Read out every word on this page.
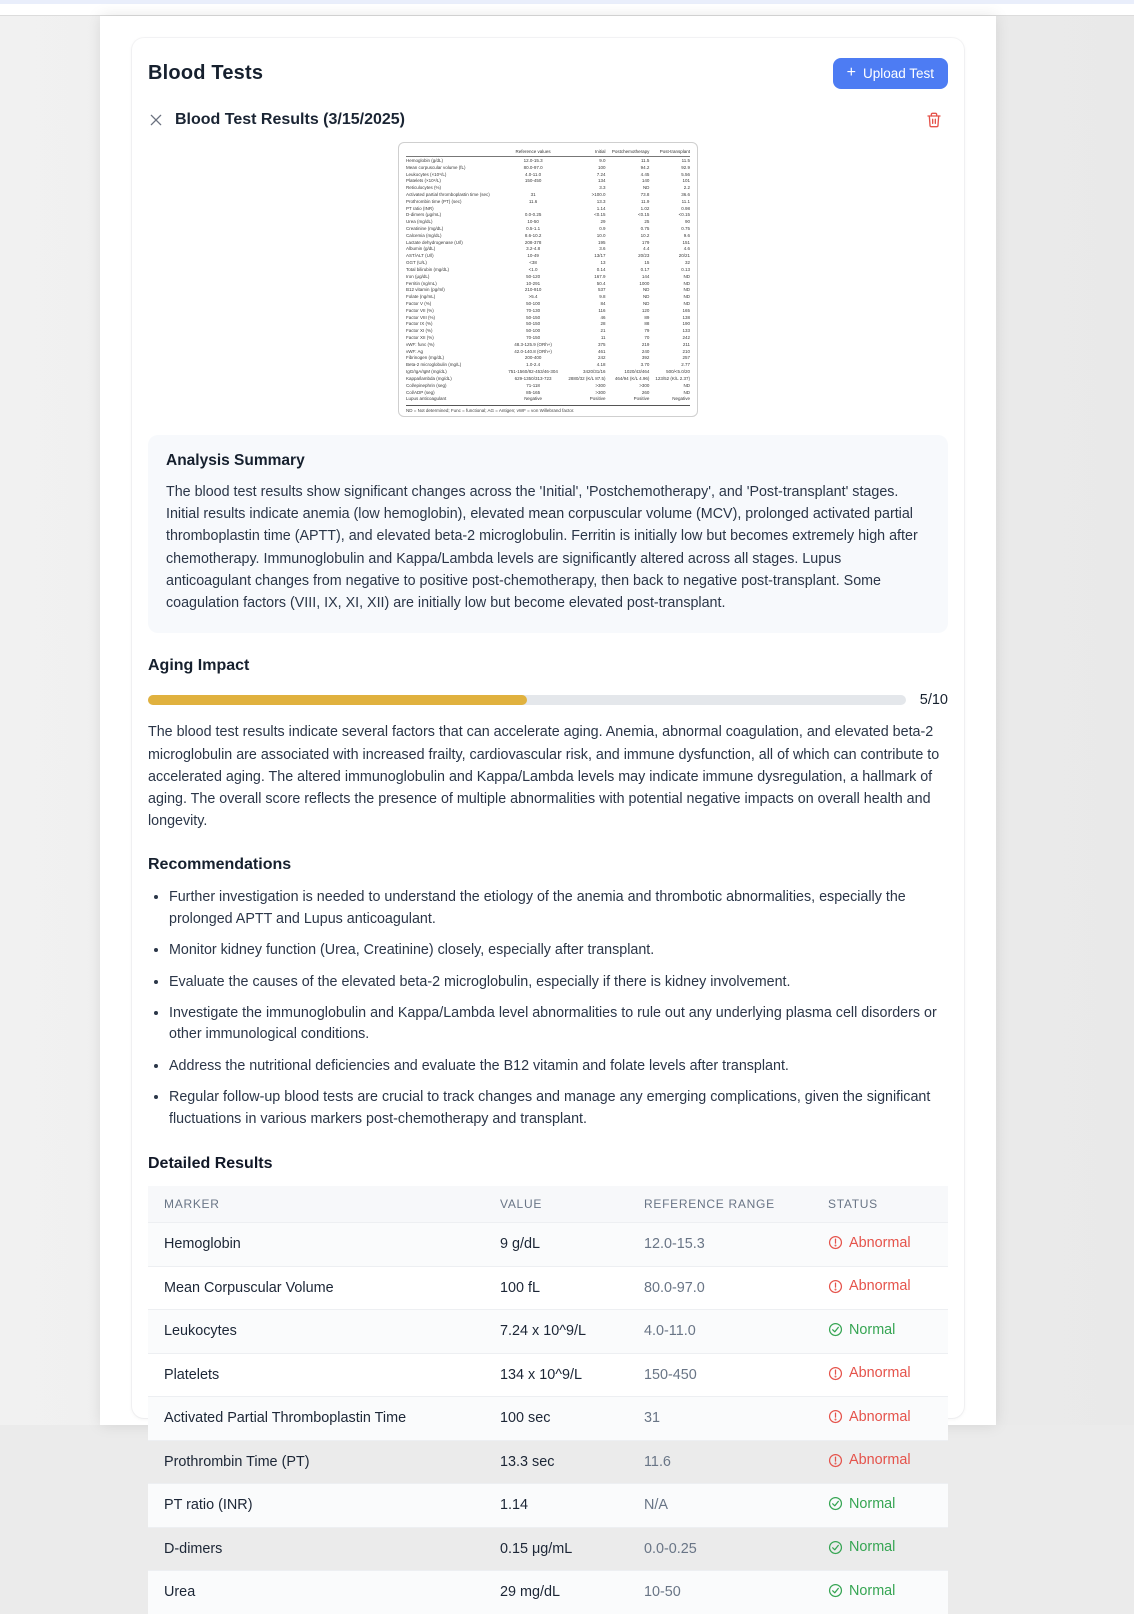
Blood Tests	+ Upload Test
Blood Test Results (3/15/2025)
	Reference values	Initial	Postchemotherapy	Post-transplant
Hemoglobin (g/dL)	12.0-15.3	9.0	11.5	11.5
Mean corpuscular volume (fL)	80.0-97.0	100	94.2	92.9
Leukocytes (×10⁹/L)	4.0-11.0	7.24	4.45	5.56
Platelets (×10⁹/L)	150-450	134	140	101
Reticulocytes (%)		3.3	ND	2.2
Activated partial thromboplastin time (sec)	31	>100.0	73.8	36.6
Prothrombin time (PT) (sec)	11.6	13.3	11.9	11.1
PT ratio (INR)		1.14	1.02	0.98
D-dimers (μg/mL)	0.0-0.25	<0.15	<0.15	<0.15
Urea (mg/dL)	10-50	29	25	90
Creatinine (mg/dL)	0.5-1.1	0.9	0.75	0.75
Calcemia (mg/dL)	8.6-10.2	10.0	10.2	9.6
Lactate dehydrogenase (U/l)	208-378	195	179	151
Albumin (g/dL)	3.2-4.8	3.6	4.4	4.6
AST/ALT (U/l)	10-49	13/17	20/23	20/21
GGT (U/L)	<38	13	15	32
Total bilirubin (mg/dL)	<1.0	0.14	0.17	0.13
Iron (μg/dL)	50-120	167.9	144	ND
Ferritin (ng/mL)	10-291	50.4	1000	ND
B12 vitamin (pg/ml)	210-910	537	ND	ND
Folate (ng/mL)	>5.4	9.8	ND	ND
Factor V (%)	50-100	84	ND	ND
Factor VII (%)	70-130	116	120	165
Factor VIII (%)	50-150	46	89	138
Factor IX (%)	50-150	28	88	190
Factor XI (%)	50-100	21	79	133
Factor XII (%)	70-150	11	70	242
vWF: func (%)	48.3-125.9 (ORh+)	375	219	211
vWF: Ag	42.0-140.8 (ORh+)	461	240	210
Fibrinogen (mg/dL)	200-400	242	392	257
Beta-2 microglobulin (mg/L)	1.0-2.4	4.18	3.70	2.77
IgG/IgA/IgM (mg/dL)	751-1560/82-453/46-304	3420/31/16	1020/43/464	500/<5.0/20
Kappa/lambda (mg/dL)	629-1350/313-723	2880/32 (K/L 87.5)	464/94 (K/L 4.96)	123/52 (K/L 2.37)
Col/epinephrin (seg)	71-118	>300	>300	ND
Col/ADP (seg)	85-165	>300	260	ND
Lupus anticoagulant	Negative	Positive	Positive	Negative
ND = Not determined; Func = functional; AG = Antigen; vWF = von Willebrand factor.
Analysis Summary
The blood test results show significant changes across the 'Initial', 'Postchemotherapy', and 'Post-transplant' stages. Initial results indicate anemia (low hemoglobin), elevated mean corpuscular volume (MCV), prolonged activated partial thromboplastin time (APTT), and elevated beta-2 microglobulin. Ferritin is initially low but becomes extremely high after chemotherapy. Immunoglobulin and Kappa/Lambda levels are significantly altered across all stages. Lupus anticoagulant changes from negative to positive post-chemotherapy, then back to negative post-transplant. Some coagulation factors (VIII, IX, XI, XII) are initially low but become elevated post-transplant.
Aging Impact
5/10
The blood test results indicate several factors that can accelerate aging. Anemia, abnormal coagulation, and elevated beta-2 microglobulin are associated with increased frailty, cardiovascular risk, and immune dysfunction, all of which can contribute to accelerated aging. The altered immunoglobulin and Kappa/Lambda levels may indicate immune dysregulation, a hallmark of aging. The overall score reflects the presence of multiple abnormalities with potential negative impacts on overall health and longevity.
Recommendations
• Further investigation is needed to understand the etiology of the anemia and thrombotic abnormalities, especially the prolonged APTT and Lupus anticoagulant.
• Monitor kidney function (Urea, Creatinine) closely, especially after transplant.
• Evaluate the causes of the elevated beta-2 microglobulin, especially if there is kidney involvement.
• Investigate the immunoglobulin and Kappa/Lambda level abnormalities to rule out any underlying plasma cell disorders or other immunological conditions.
• Address the nutritional deficiencies and evaluate the B12 vitamin and folate levels after transplant.
• Regular follow-up blood tests are crucial to track changes and manage any emerging complications, given the significant fluctuations in various markers post-chemotherapy and transplant.
Detailed Results
MARKER	VALUE	REFERENCE RANGE	STATUS
Hemoglobin	9 g/dL	12.0-15.3	Abnormal

Mean Corpuscular Volume	100 fL	80.0-97.0	Abnormal

Leukocytes	7.24 x 10^9/L	4.0-11.0	Normal

Platelets	134 x 10^9/L	150-450	Abnormal

Activated Partial Thromboplastin Time	100 sec	31	Abnormal

Prothrombin Time (PT)	13.3 sec	11.6	Abnormal

PT ratio (INR)	1.14	N/A	Normal

D-dimers	0.15 μg/mL	0.0-0.25	Normal

Urea	29 mg/dL	10-50	Normal
